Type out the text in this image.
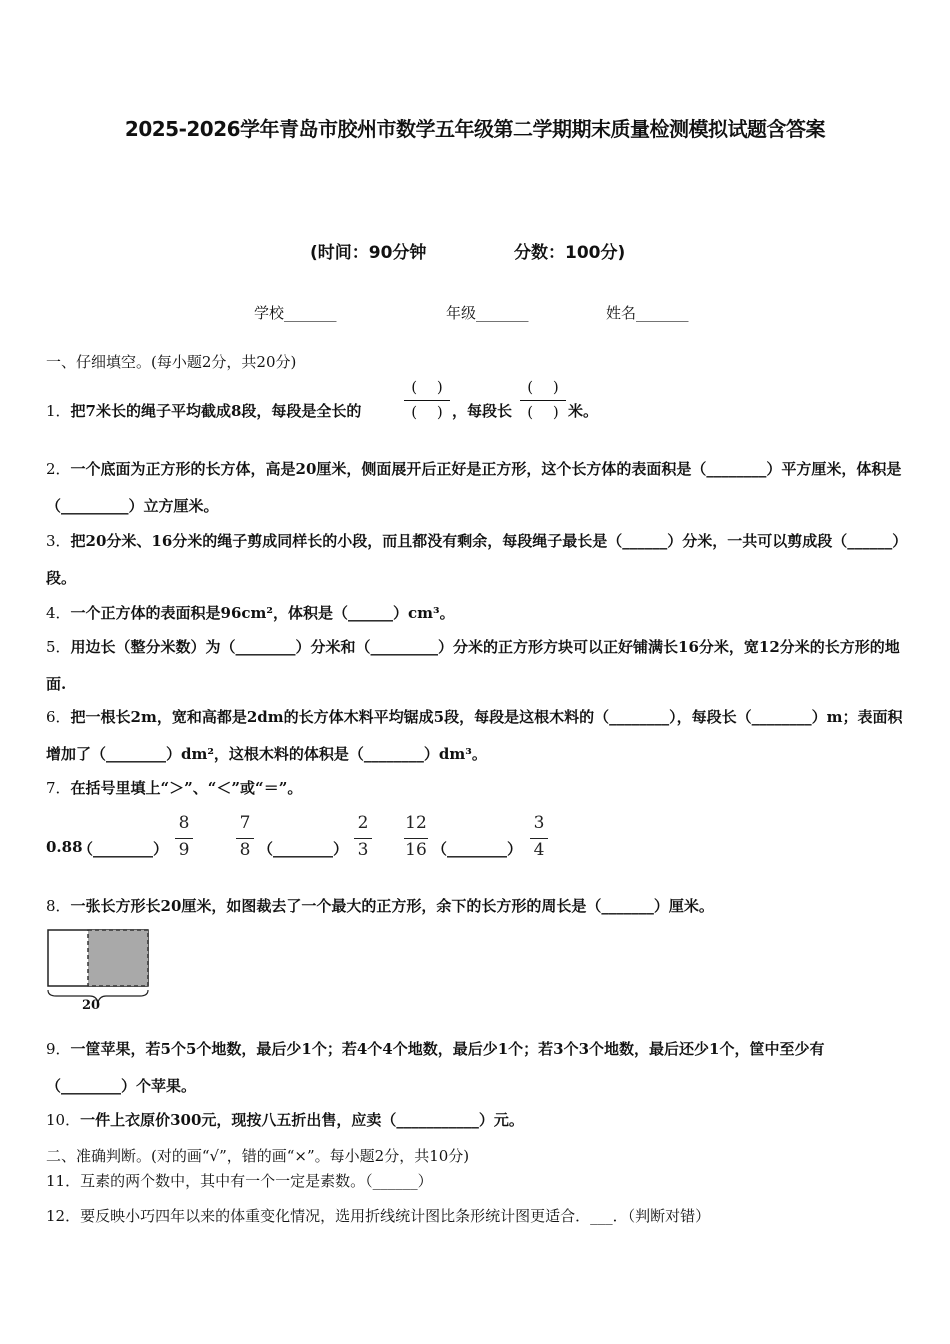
2025-2026学年青岛市胶州市数学五年级第二学期期末质量检测模拟试题含答案
(时间：90分钟	分数：100分)
学校_______	年级_______	姓名_______
一、仔细填空。(每小题2分，共20分)
1．把7米长的绳子平均截成8段，每段是全长的
(　 )
(　 ) ，每段长
(　 )
(　 ) 米。
2．一个底面为正方形的长方体，高是20厘米，侧面展开后正好是正方形，这个长方体的表面积是（________）平方厘米，体积是（_________）立方厘米。
3．把20分米、16分米的绳子剪成同样长的小段，而且都没有剩余，每段绳子最长是（______）分米，一共可以剪成段（______）段。
4．一个正方体的表面积是96cm²，体积是（______）cm³。
5．用边长（整分米数）为（________）分米和（_________）分米的正方形方块可以正好铺满长16分米，宽12分米的长方形的地面.
6．把一根长2m，宽和高都是2dm的长方体木料平均锯成5段，每段是这根木料的（________），每段长（________）m；表面积增加了（________）dm²，这根木料的体积是（________）dm³。
7．在括号里填上“＞”、“＜”或“＝”。
0.88
（________）
8
9
7
8 （________）
2
3
12
16 （________）
3
4
8．一张长方形长20厘米，如图裁去了一个最大的正方形，余下的长方形的周长是（_______）厘米。
20
9．一筐苹果，若5个5个地数，最后少1个；若4个4个地数，最后少1个；若3个3个地数，最后还少1个，筐中至少有（________）个苹果。
10．一件上衣原价300元，现按八五折出售，应卖（___________）元。
二、准确判断。(对的画“√”，错的画“×”。每小题2分，共10分)
11．互素的两个数中，其中有一个一定是素数。（______）
12．要反映小巧四年以来的体重变化情况，选用折线统计图比条形统计图更适合．___．（判断对错）
